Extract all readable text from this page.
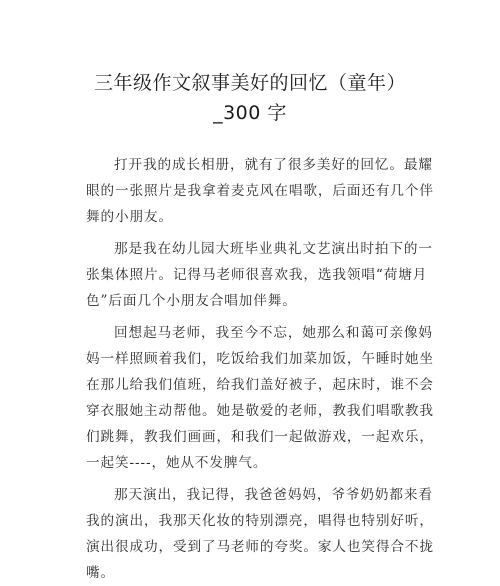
三年级作文叙事美好的回忆（童年）
_300 字
打开我的成长相册，就有了很多美好的回忆。最耀
眼的一张照片是我拿着麦克风在唱歌，后面还有几个伴
舞的小朋友。
那是我在幼儿园大班毕业典礼文艺演出时拍下的一
张集体照片。记得马老师很喜欢我，选我领唱“荷塘月
色”后面几个小朋友合唱加伴舞。
回想起马老师，我至今不忘，她那么和蔼可亲像妈
妈一样照顾着我们，吃饭给我们加菜加饭，午睡时她坐
在那儿给我们值班，给我们盖好被子，起床时，谁不会
穿衣服她主动帮他。她是敬爱的老师，教我们唱歌教我
们跳舞，教我们画画，和我们一起做游戏，一起欢乐，
一起笑----，她从不发脾气。
那天演出，我记得，我爸爸妈妈，爷爷奶奶都来看
我的演出，我那天化妆的特别漂亮，唱得也特别好听，
演出很成功，受到了马老师的夸奖。家人也笑得合不拢
嘴。
